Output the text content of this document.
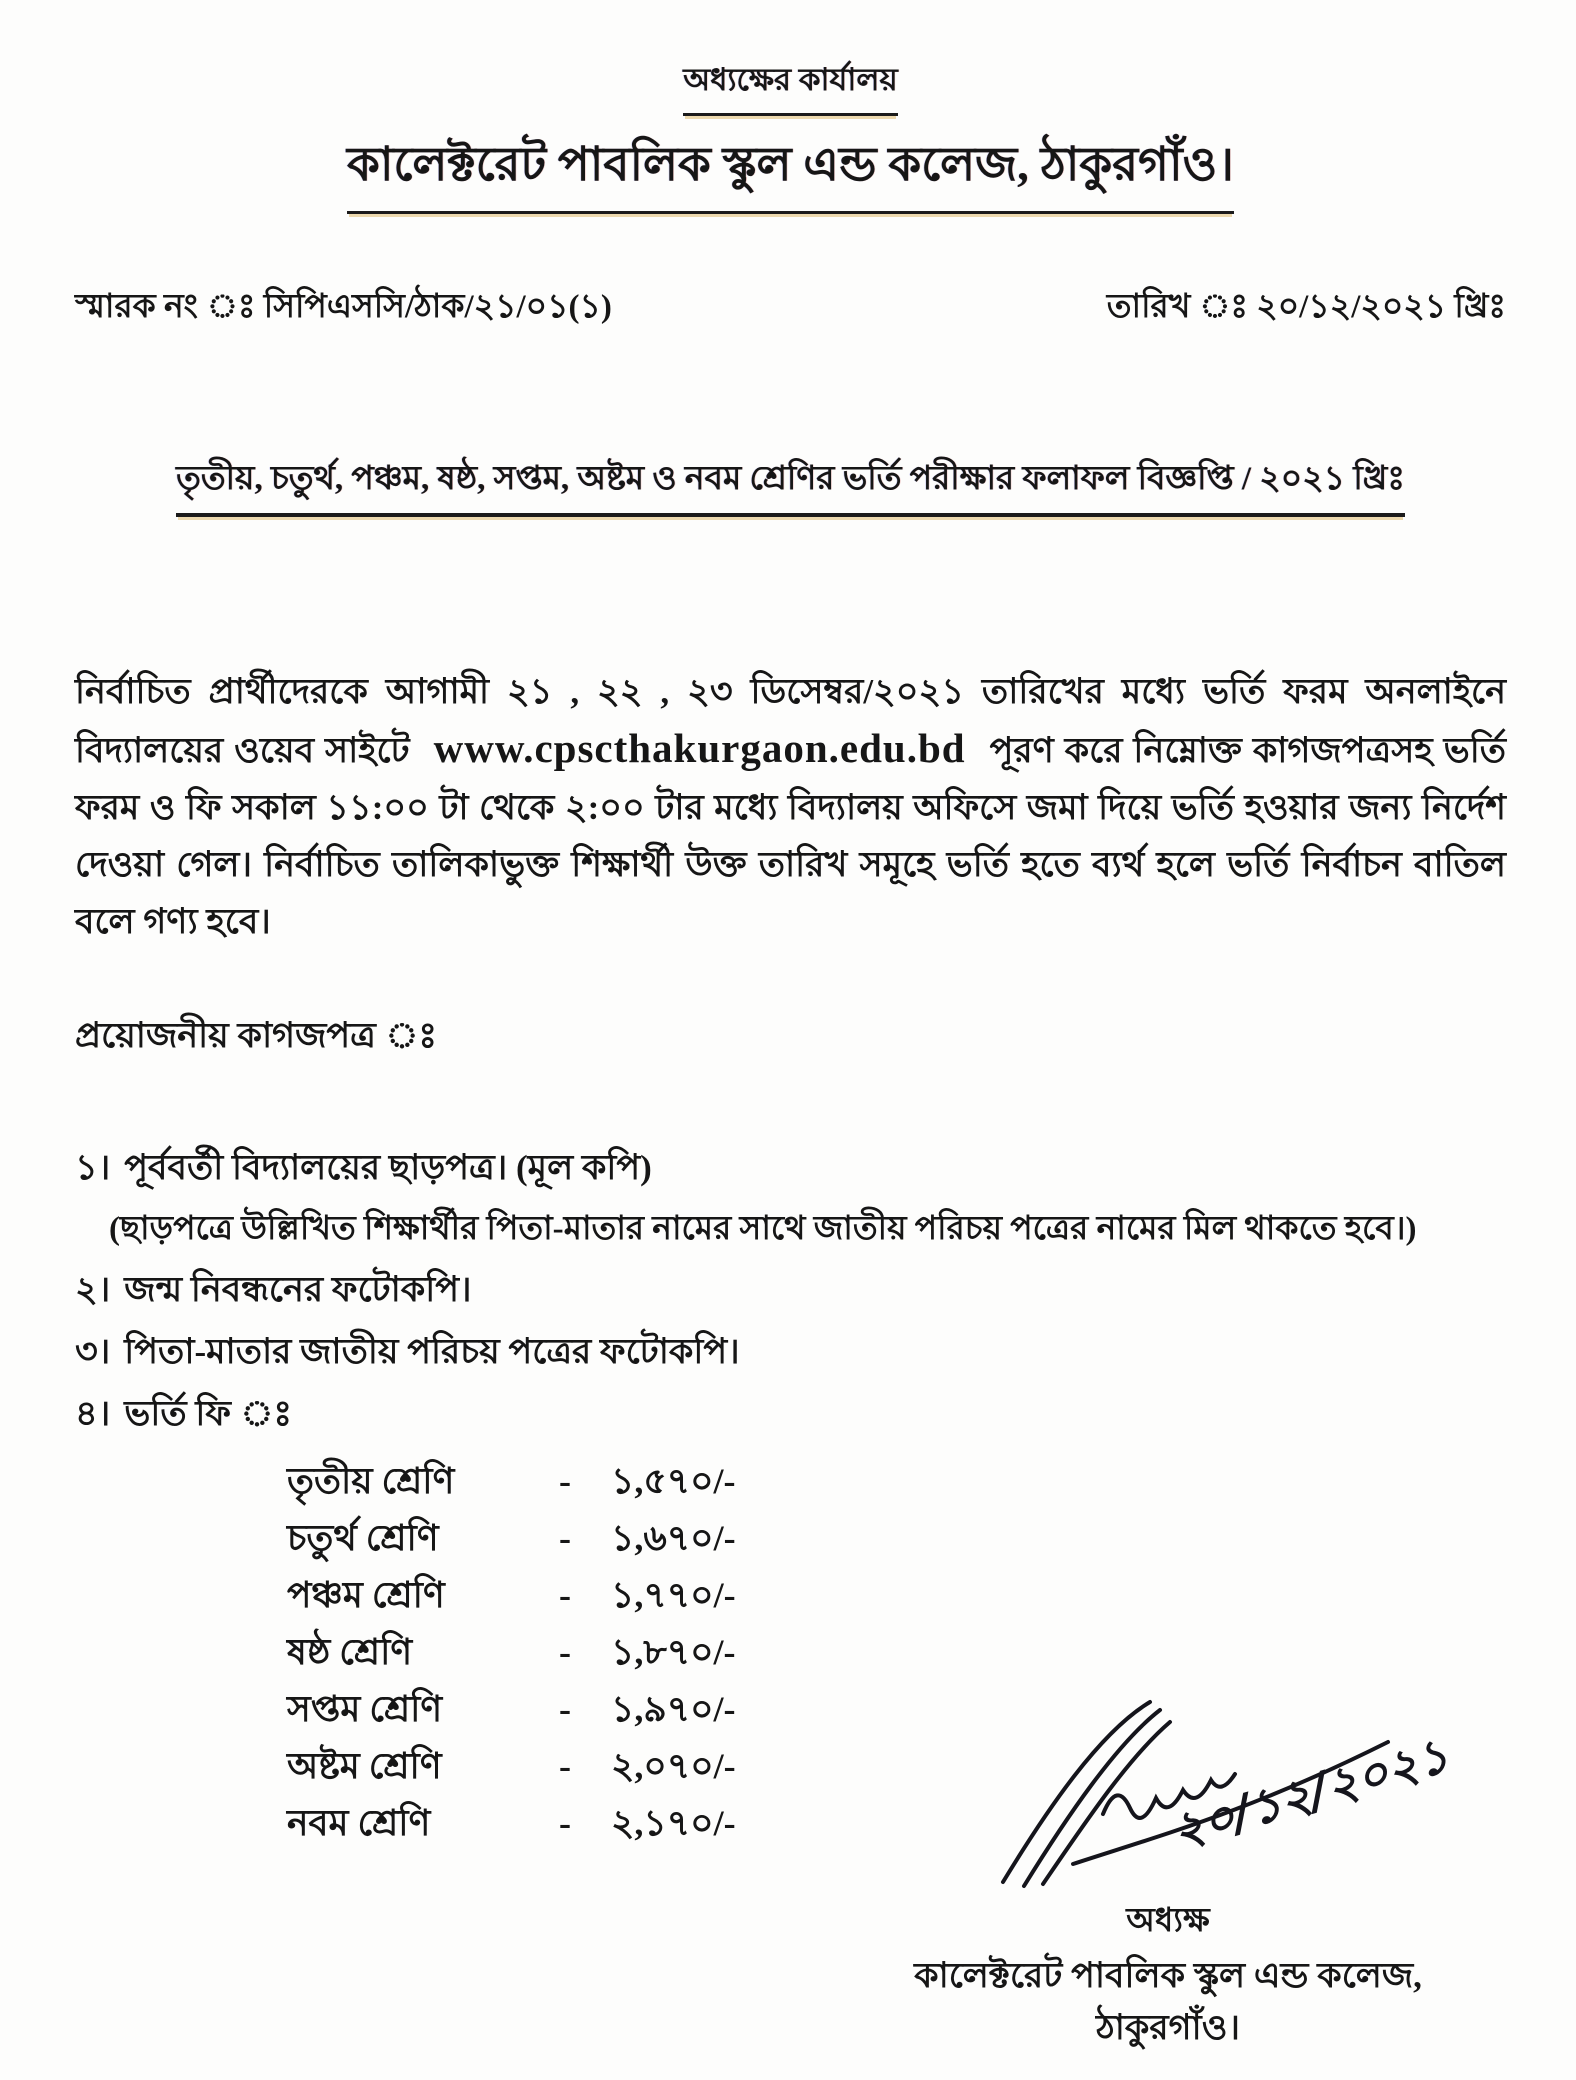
অধ্যক্ষের কার্যালয়
কালেক্টরেট পাবলিক স্কুল এন্ড কলেজ, ঠাকুরগাঁও।
স্মারক নং ঃ সিপিএসসি/ঠাক/২১/০১(১)	তারিখ ঃ ২০/১২/২০২১ খ্রিঃ
তৃতীয়, চতুর্থ, পঞ্চম, ষষ্ঠ, সপ্তম, অষ্টম ও নবম শ্রেণির ভর্তি পরীক্ষার ফলাফল বিজ্ঞপ্তি / ২০২১ খ্রিঃ

নির্বাচিত প্রার্থীদেরকে আগামী ২১ , ২২ , ২৩ ডিসেম্বর/২০২১ তারিখের মধ্যে ভর্তি ফরম অনলাইনে বিদ্যালয়ের ওয়েব সাইটে www.cpscthakurgaon.edu.bd পূরণ করে নিম্নোক্ত কাগজপত্রসহ ভর্তি ফরম ও ফি সকাল ১১:০০ টা থেকে ২:০০ টার মধ্যে বিদ্যালয় অফিসে জমা দিয়ে ভর্তি হওয়ার জন্য নির্দেশ দেওয়া গেল। নির্বাচিত তালিকাভুক্ত শিক্ষার্থী উক্ত তারিখ সমূহে ভর্তি হতে ব্যর্থ হলে ভর্তি নির্বাচন বাতিল বলে গণ্য হবে।

প্রয়োজনীয় কাগজপত্র ঃ
১। পূর্ববর্তী বিদ্যালয়ের ছাড়পত্র। (মূল কপি)
(ছাড়পত্রে উল্লিখিত শিক্ষার্থীর পিতা-মাতার নামের সাথে জাতীয় পরিচয় পত্রের নামের মিল থাকতে হবে।)
২। জন্ম নিবন্ধনের ফটোকপি।
৩। পিতা-মাতার জাতীয় পরিচয় পত্রের ফটোকপি।
৪। ভর্তি ফি ঃ
তৃতীয় শ্রেণি	-	১,৫৭০/-
চতুর্থ শ্রেণি	-	১,৬৭০/-
পঞ্চম শ্রেণি	-	১,৭৭০/-
ষষ্ঠ শ্রেণি	-	১,৮৭০/-
সপ্তম শ্রেণি	-	১,৯৭০/-
অষ্টম শ্রেণি	-	২,০৭০/-
নবম শ্রেণি	-	২,১৭০/-	২০/১২/২০২১
অধ্যক্ষ
কালেক্টরেট পাবলিক স্কুল এন্ড কলেজ,
ঠাকুরগাঁও।
